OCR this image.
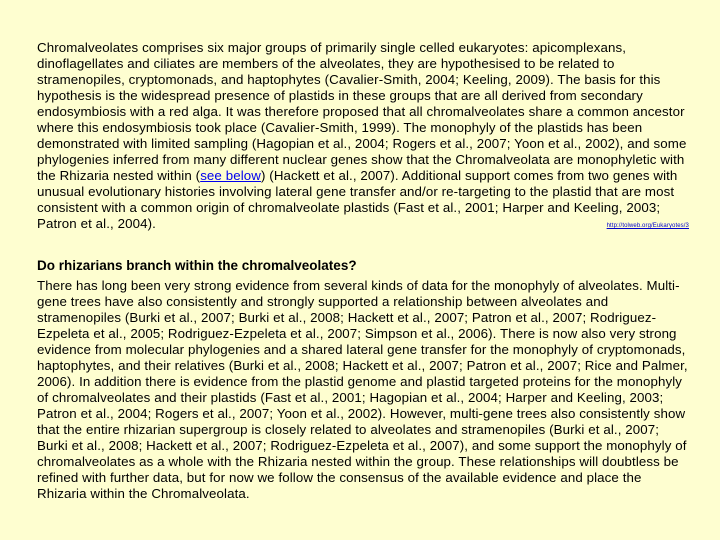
Chromalveolates comprises six major groups of primarily single celled eukaryotes: apicomplexans, dinoflagellates and ciliates are members of the alveolates, they are hypothesised to be related to stramenopiles, cryptomonads, and haptophytes (Cavalier-Smith, 2004; Keeling, 2009). The basis for this hypothesis is the widespread presence of plastids in these groups that are all derived from secondary endosymbiosis with a red alga. It was therefore proposed that all chromalveolates share a common ancestor where this endosymbiosis took place (Cavalier-Smith, 1999). The monophyly of the plastids has been demonstrated with limited sampling (Hagopian et al., 2004; Rogers et al., 2007; Yoon et al., 2002), and some phylogenies inferred from many different nuclear genes show that the Chromalveolata are monophyletic with the Rhizaria nested within (see below) (Hackett et al., 2007). Additional support comes from two genes with unusual evolutionary histories involving lateral gene transfer and/or re-targeting to the plastid that are most consistent with a common origin of chromalveolate plastids (Fast et al., 2001; Harper and Keeling, 2003; Patron et al., 2004).	http://tolweb.org/Eukaryotes/3
Do rhizarians branch within the chromalveolates?
There has long been very strong evidence from several kinds of data for the monophyly of alveolates. Multi-gene trees have also consistently and strongly supported a relationship between alveolates and stramenopiles (Burki et al., 2007; Burki et al., 2008; Hackett et al., 2007; Patron et al., 2007; Rodriguez-Ezpeleta et al., 2005; Rodriguez-Ezpeleta et al., 2007; Simpson et al., 2006). There is now also very strong evidence from molecular phylogenies and a shared lateral gene transfer for the monophyly of cryptomonads, haptophytes, and their relatives (Burki et al., 2008; Hackett et al., 2007; Patron et al., 2007; Rice and Palmer, 2006). In addition there is evidence from the plastid genome and plastid targeted proteins for the monophyly of chromalveolates and their plastids (Fast et al., 2001; Hagopian et al., 2004; Harper and Keeling, 2003; Patron et al., 2004; Rogers et al., 2007; Yoon et al., 2002). However, multi-gene trees also consistently show that the entire rhizarian supergroup is closely related to alveolates and stramenopiles (Burki et al., 2007; Burki et al., 2008; Hackett et al., 2007; Rodriguez-Ezpeleta et al., 2007), and some support the monophyly of chromalveolates as a whole with the Rhizaria nested within the group. These relationships will doubtless be refined with further data, but for now we follow the consensus of the available evidence and place the Rhizaria within the Chromalveolata.
